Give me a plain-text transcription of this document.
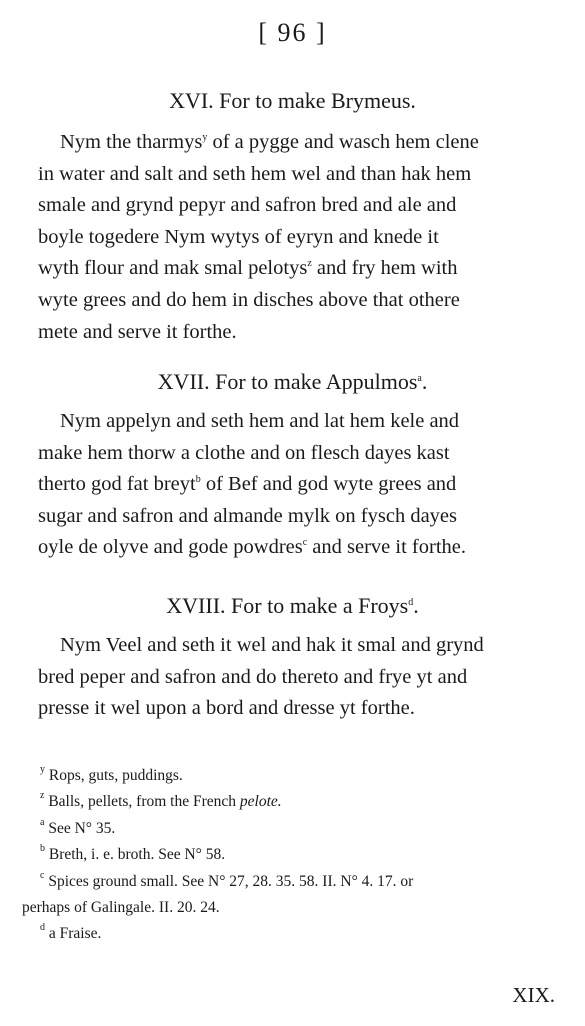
[ 96 ]
XVI. For to make Brymeus.
Nym the tharmys$^y$ of a pygge and wasch hem clene
in water and salt and seth hem wel and than hak hem
smale and grynd pepyr and safron bred and ale and
boyle togedere Nym wytys of eyryn and knede it
wyth flour and mak smal pelotys$^z$ and fry hem with
wyte grees and do hem in disches above that othere
mete and serve it forthe.
XVII. For to make Appulmos$^a$.
Nym appelyn and seth hem and lat hem kele and
make hem thorw a clothe and on flesch dayes kast
therto god fat breyt$^b$ of Bef and god wyte grees and
sugar and safron and almande mylk on fysch dayes
oyle de olyve and gode powdres$^c$ and serve it forthe.
XVIII. For to make a Froys$^d$.
Nym Veel and seth it wel and hak it smal and grynd
bred peper and safron and do thereto and frye yt and
presse it wel upon a bord and dresse yt forthe.
$^y$ Rops, guts, puddings.
$^z$ Balls, pellets, from the French pelote.
$^a$ See N° 35.
$^b$ Breth, i. e. broth. See N° 58.
$^c$ Spices ground small. See N° 27, 28. 35. 58. II. N° 4. 17. or
perhaps of Galingale. II. 20. 24.
$^d$ a Fraise.
XIX.
